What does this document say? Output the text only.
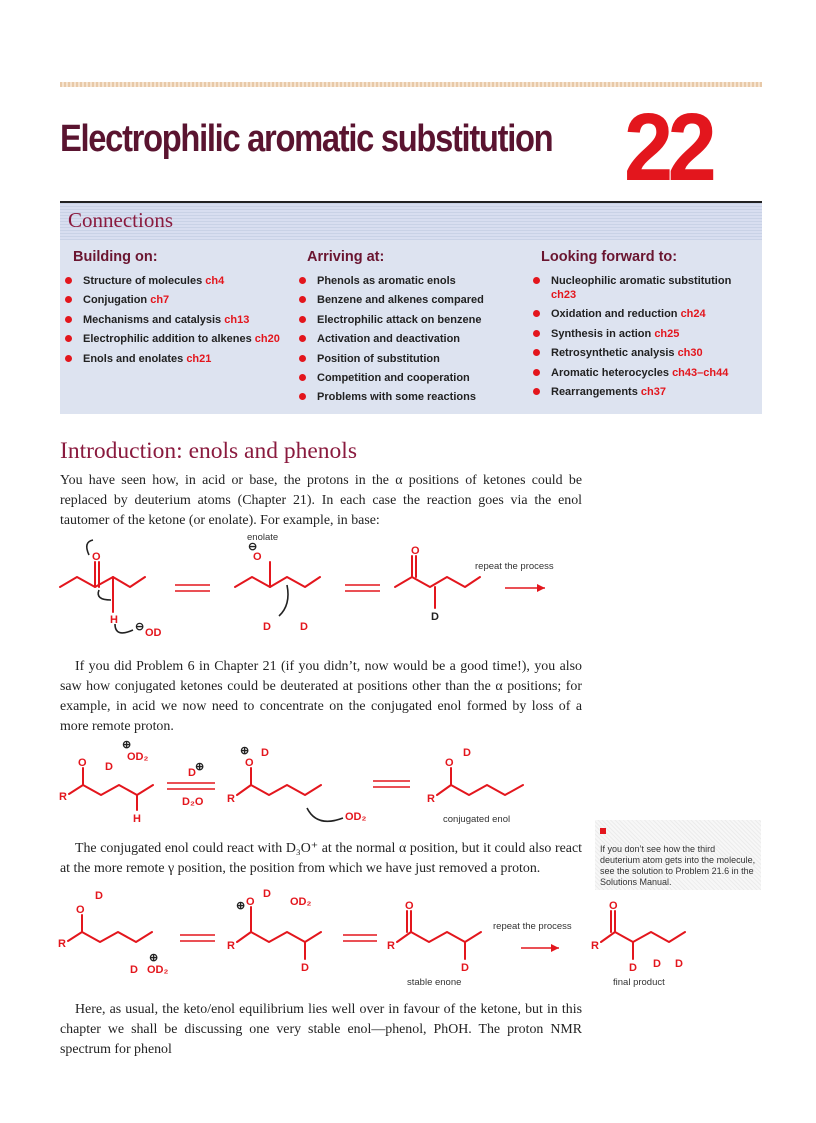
Electrophilic aromatic substitution 22
Connections
Building on:
Structure of molecules ch4
Conjugation ch7
Mechanisms and catalysis ch13
Electrophilic addition to alkenes ch20
Enols and enolates ch21
Arriving at:
Phenols as aromatic enols
Benzene and alkenes compared
Electrophilic attack on benzene
Activation and deactivation
Position of substitution
Competition and cooperation
Problems with some reactions
Looking forward to:
Nucleophilic aromatic substitution ch23
Oxidation and reduction ch24
Synthesis in action ch25
Retrosynthetic analysis ch30
Aromatic heterocycles ch43–ch44
Rearrangements ch37
Introduction: enols and phenols
You have seen how, in acid or base, the protons in the α positions of ketones could be replaced by deuterium atoms (Chapter 21). In each case the reaction goes via the enol tautomer of the ketone (or enolate). For example, in base:
O
H
OD
⊖
enolate
O
⊖
D	D
O
D
repeat the process
If you did Problem 6 in Chapter 21 (if you didn’t, now would be a good time!), you also saw how conjugated ketones could be deuterated at positions other than the α positions; for example, in acid we now need to concentrate on the conjugated enol formed by loss of a more remote proton.
R
O D
OD₂
⊕
H
D ⊕
D₂O R
O
D
⊕
OD₂
R
O
D
conjugated enol
The conjugated enol could react with D₃O⁺ at the normal α position, but it could also react at the more remote γ position, the position from which we have just removed a proton.
If you don’t see how the third deuterium atom gets into the molecule, see the solution to Problem 21.6 in the Solutions Manual.
R
O
D
D OD₂
⊕
R
O
D
⊕	OD₂
D
R
O
D
stable enone
repeat the process
R
O
D D D
final product
Here, as usual, the keto/enol equilibrium lies well over in favour of the ketone, but in this chapter we shall be discussing one very stable enol—phenol, PhOH. The proton NMR spectrum for phenol
